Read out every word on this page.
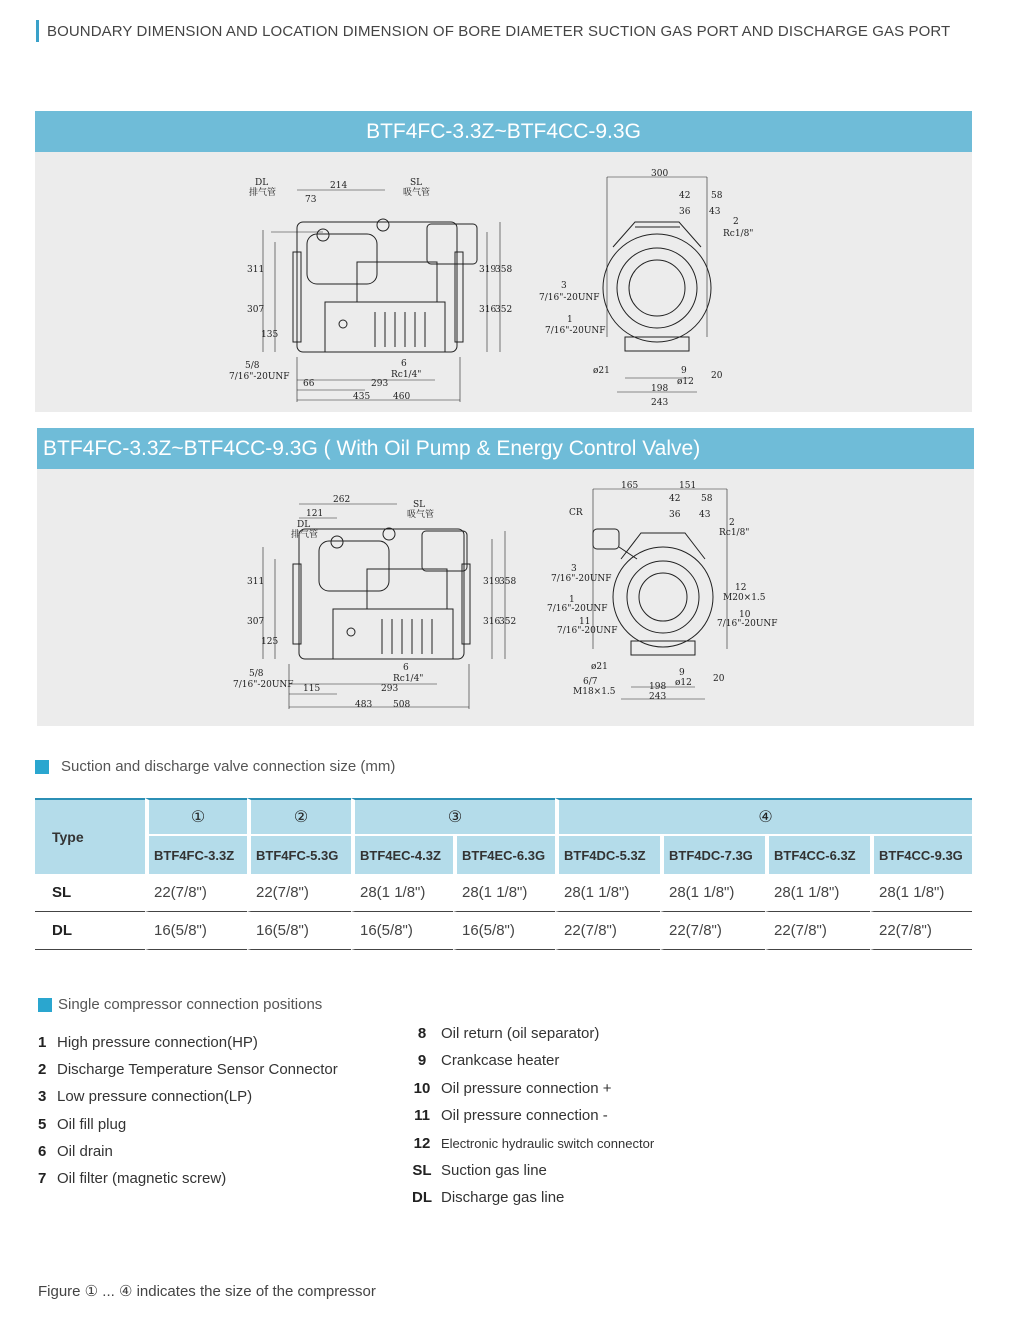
BOUNDARY DIMENSION AND LOCATION DIMENSION OF BORE DIAMETER SUCTION GAS PORT AND DISCHARGE GAS PORT
BTF4FC-3.3Z~BTF4CC-9.3G
DL
排气管
214
73
SL
吸气管
311
307
135
319
316
358
352
5/8
7/16"-20UNF
66	293
6
Rc1/4"
435	460
300
42 58
36 43
2
Rc1/8"
3
7/16"-20UNF
1
7/16"-20UNF
ø21	9
ø12
198
243
20
BTF4FC-3.3Z~BTF4CC-9.3G ( With Oil Pump & Energy Control Valve)
262
121
DL
排气管
SL
吸气管
311
307
125
319
316
358
352
5/8
7/16"-20UNF 115	293
6
Rc1/4"
483 508
165	151
CR
42 58
36 43
2
Rc1/8"
3
7/16"-20UNF
1
7/16"-20UNF
11
7/16"-20UNF
12
M20×1.5
10
7/16"-20UNF
ø21
6/7
M18×1.5
9
ø12
198
243
20
Suction and discharge valve connection size (mm)
Type	①	②	③		④			
	BTF4FC-3.3Z	BTF4FC-5.3G	BTF4EC-4.3Z	BTF4EC-6.3G	BTF4DC-5.3Z	BTF4DC-7.3G	BTF4CC-6.3Z	BTF4CC-9.3G
SL	22(7/8")	22(7/8")	28(1 1/8")	28(1 1/8")	28(1 1/8")	28(1 1/8")	28(1 1/8")	28(1 1/8")
DL	16(5/8")	16(5/8")	16(5/8")	16(5/8")	22(7/8")	22(7/8")	22(7/8")	22(7/8")
Single compressor connection positions
1 High pressure connection(HP)
2 Discharge Temperature Sensor Connector
3 Low pressure connection(LP)
5 Oil fill plug
6 Oil drain
7 Oil filter (magnetic screw)
8 Oil return (oil separator)
9 Crankcase heater
10 Oil pressure connection +
11 Oil pressure connection -
12 Electronic hydraulic switch connector
SL Suction gas line
DL Discharge gas line
Figure ① ... ④ indicates the size of the compressor
